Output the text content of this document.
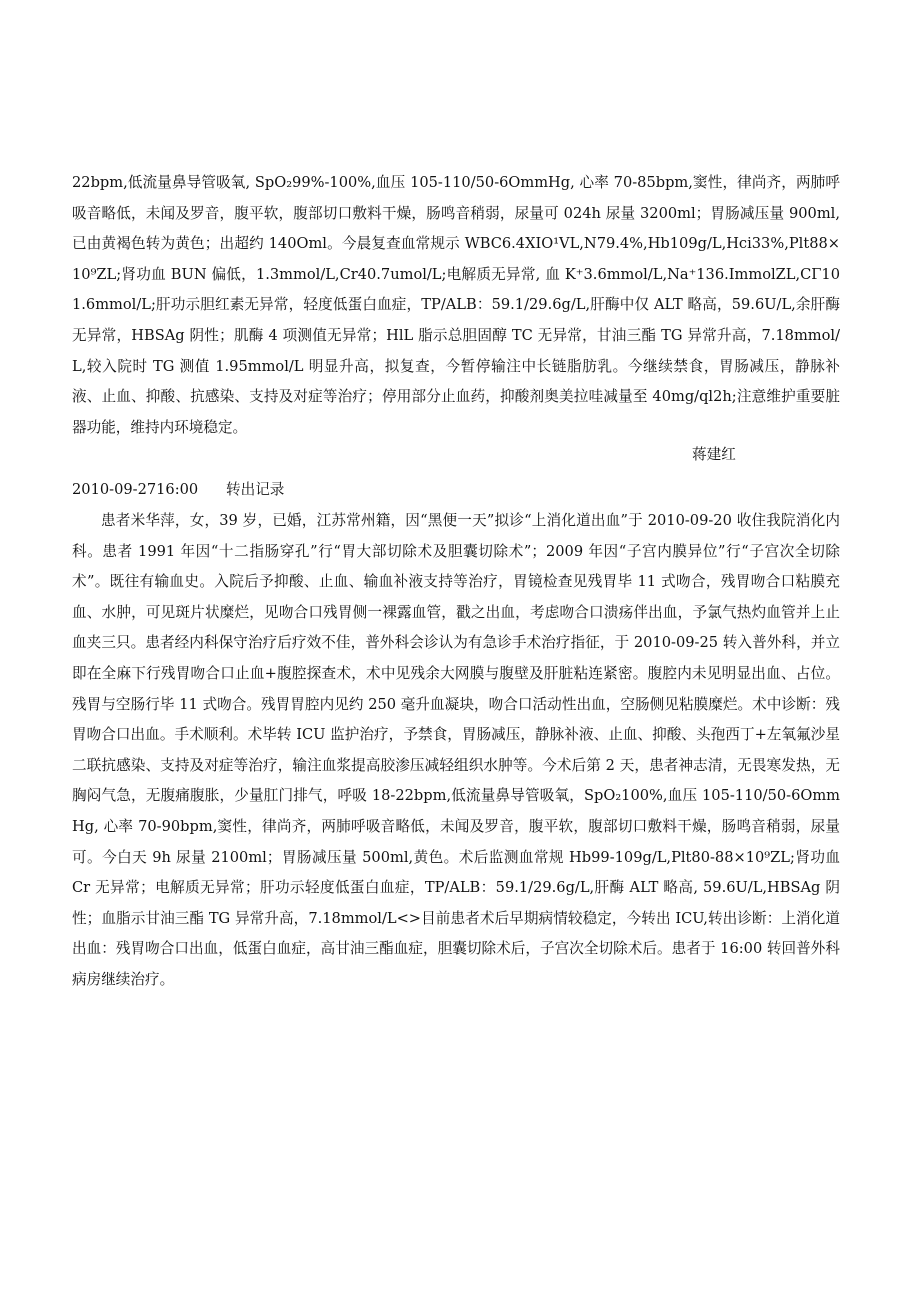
22bpm,低流量鼻导管吸氧, SpO₂99%-100%,血压 105-110/50-6OmmHg, 心率 70-85bpm,窦性，律尚齐，两肺呼吸音略低，未闻及罗音，腹平软，腹部切口敷料干燥，肠鸣音稍弱，尿量可 024h 尿量 3200ml；胃肠减压量 900ml,已由黄褐色转为黄色；出超约 140Oml。今晨复查血常规示 WBC6.4XIO¹VL,N79.4%,Hb109g/L,Hci33%,Plt88×10⁹ZL;肾功血 BUN 偏低，1.3mmol/L,Cr40.7umol/L;电解质无异常, 血 K⁺3.6mmol/L,Na⁺136.ImmolZL,CΓ101.6mmol/L;肝功示胆红素无异常，轻度低蛋白血症，TP/ALB：59.1/29.6g/L,肝酶中仅 ALT 略高，59.6U/L,余肝酶无异常，HBSAg 阴性；肌酶 4 项测值无异常；HlL 脂示总胆固醇 TC 无异常，甘油三酯 TG 异常升高，7.18mmol/L,较入院时 TG 测值 1.95mmol/L 明显升高，拟复查，今暂停输注中长链脂肪乳。今继续禁食，胃肠减压，静脉补液、止血、抑酸、抗感染、支持及对症等治疗；停用部分止血药，抑酸剂奥美拉哇减量至 40mg/ql2h;注意维护重要脏器功能，维持内环境稳定。

蒋建红

2010-09-2716:00 转出记录

患者米华萍，女，39 岁，已婚，江苏常州籍，因“黑便一天”拟诊“上消化道出血”于 2010-09-20 收住我院消化内科。患者 1991 年因“十二指肠穿孔”行“胃大部切除术及胆囊切除术”；2009 年因“子宫内膜异位”行“子宫次全切除术”。既往有输血史。入院后予抑酸、止血、输血补液支持等治疗，胃镜检查见残胃毕 11 式吻合，残胃吻合口粘膜充血、水肿，可见斑片状糜烂，见吻合口残胃侧一裸露血管，戳之出血，考虑吻合口溃疡伴出血，予氯气热灼血管并上止血夹三只。患者经内科保守治疗后疗效不佳，普外科会诊认为有急诊手术治疗指征，于 2010-09-25 转入普外科，并立即在全麻下行残胃吻合口止血+腹腔探查术，术中见残余大网膜与腹壁及肝脏粘连紧密。腹腔内未见明显出血、占位。残胃与空肠行毕 11 式吻合。残胃胃腔内见约 250 毫升血凝块，吻合口活动性出血，空肠侧见粘膜糜烂。术中诊断：残胃吻合口出血。手术顺利。术毕转 ICU 监护治疗，予禁食，胃肠减压，静脉补液、止血、抑酸、头孢西丁+左氧氟沙星二联抗感染、支持及对症等治疗，输注血浆提高胶渗压减轻组织水肿等。今术后第 2 天，患者神志清，无畏寒发热，无胸闷气急，无腹痛腹胀，少量肛门排气，呼吸 18-22bpm,低流量鼻导管吸氧，SpO₂100%,血压 105-110/50-6OmmHg, 心率 70-90bpm,窦性，律尚齐，两肺呼吸音略低，未闻及罗音，腹平软，腹部切口敷料干燥，肠鸣音稍弱，尿量可。今白天 9h 尿量 2100ml；胃肠减压量 500ml,黄色。术后监测血常规 Hb99-109g/L,Plt80-88×10⁹ZL;肾功血 Cr 无异常；电解质无异常；肝功示轻度低蛋白血症，TP/ALB：59.1/29.6g/L,肝酶 ALT 略高, 59.6U/L,HBSAg 阴性；血脂示甘油三酯 TG 异常升高，7.18mmol/L<>目前患者术后早期病情较稳定，今转出 ICU,转出诊断：上消化道出血：残胃吻合口出血，低蛋白血症，高甘油三酯血症，胆囊切除术后，子宫次全切除术后。患者于 16:00 转回普外科病房继续治疗。
